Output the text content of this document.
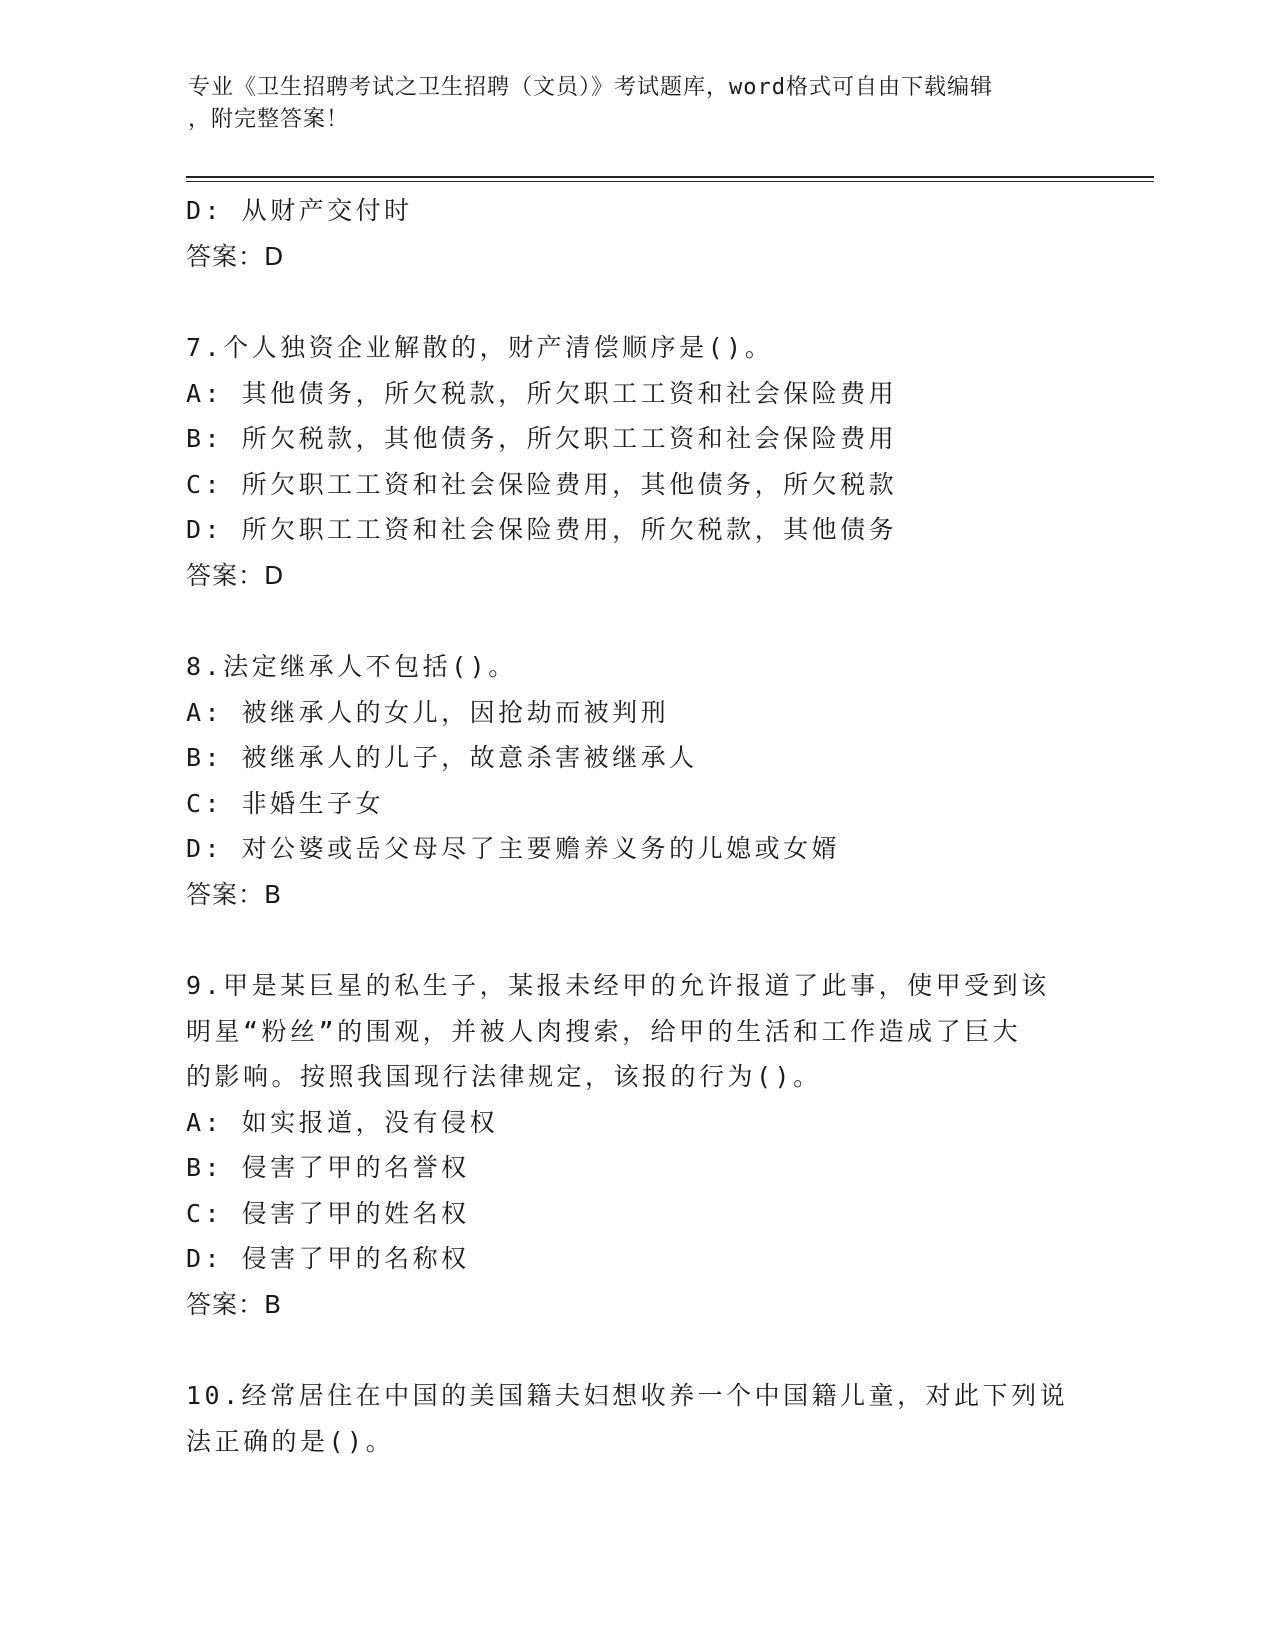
专业《卫生招聘考试之卫生招聘（文员）》考试题库，word格式可自由下载编辑

，附完整答案！

D: 从财产交付时
答案：D
7.个人独资企业解散的，财产清偿顺序是()。
A: 其他债务，所欠税款，所欠职工工资和社会保险费用
B: 所欠税款，其他债务，所欠职工工资和社会保险费用
C: 所欠职工工资和社会保险费用，其他债务，所欠税款
D: 所欠职工工资和社会保险费用，所欠税款，其他债务
答案：D
8.法定继承人不包括()。
A: 被继承人的女儿，因抢劫而被判刑
B: 被继承人的儿子，故意杀害被继承人
C: 非婚生子女
D: 对公婆或岳父母尽了主要赡养义务的儿媳或女婿
答案：B
9.甲是某巨星的私生子，某报未经甲的允许报道了此事，使甲受到该
明星“粉丝”的围观，并被人肉搜索，给甲的生活和工作造成了巨大
的影响。按照我国现行法律规定，该报的行为()。
A: 如实报道，没有侵权
B: 侵害了甲的名誉权
C: 侵害了甲的姓名权
D: 侵害了甲的名称权
答案：B
10.经常居住在中国的美国籍夫妇想收养一个中国籍儿童，对此下列说
法正确的是()。
